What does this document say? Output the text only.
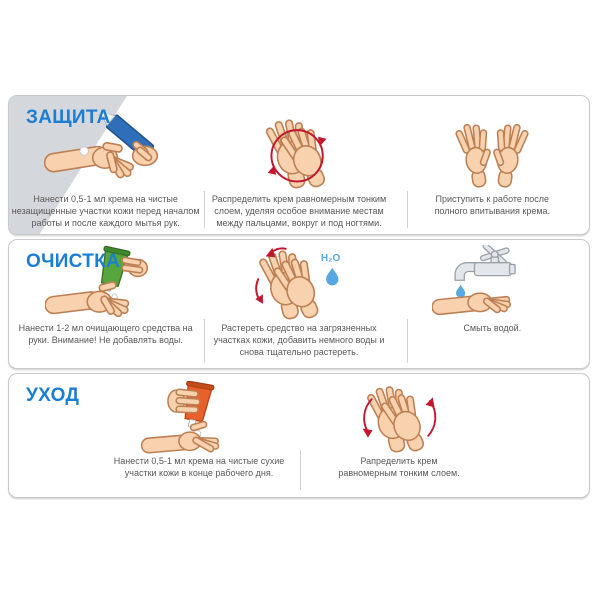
ЗАЩИТА
Нанести 0,5-1 мл крема на чистые незащищенные участки кожи перед началом работы и после каждого мытья рук.
Распределить крем равномерным тонким слоем, уделяя особое внимание местам между пальцами, вокруг и под ногтями.
Приступить к работе после полного впитывания крема.
ОЧИСТКА
Нанести 1-2 мл очищающего средства на руки. Внимание! Не добавлять воды.
H₂O
Растереть средство на загрязненных участках кожи, добавить немного воды и снова тщательно растереть.
Смыть водой.
УХОД
Нанести 0,5-1 мл крема на чистые сухие участки кожи в конце рабочего дня.
Рапределить крем равномерным тонким слоем.
